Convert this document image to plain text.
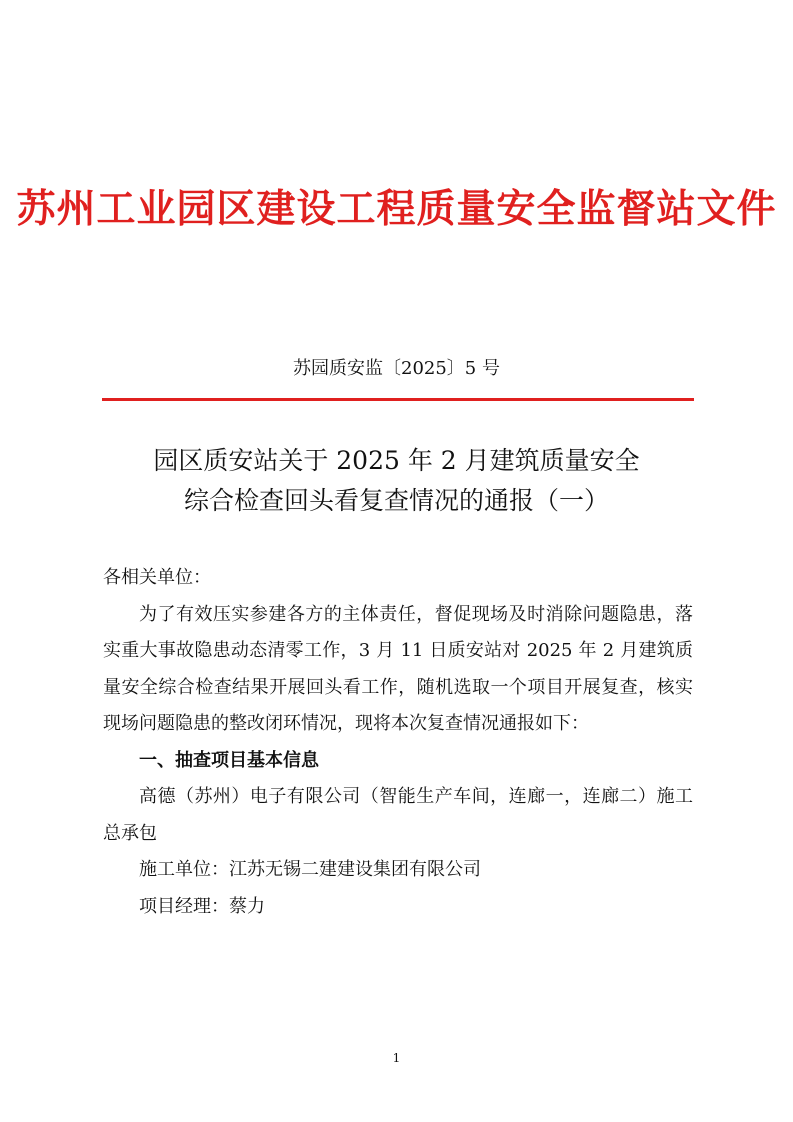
苏州工业园区建设工程质量安全监督站文件
苏园质安监〔2025〕5 号
园区质安站关于 2025 年 2 月建筑质量安全
综合检查回头看复查情况的通报（一）

各相关单位：

为了有效压实参建各方的主体责任，督促现场及时消除问题隐患，落实重大事故隐患动态清零工作，3 月 11 日质安站对 2025 年 2 月建筑质量安全综合检查结果开展回头看工作，随机选取一个项目开展复查，核实现场问题隐患的整改闭环情况，现将本次复查情况通报如下：

一、抽查项目基本信息

高德（苏州）电子有限公司（智能生产车间，连廊一，连廊二）施工总承包

施工单位：江苏无锡二建建设集团有限公司

项目经理：蔡力

1
